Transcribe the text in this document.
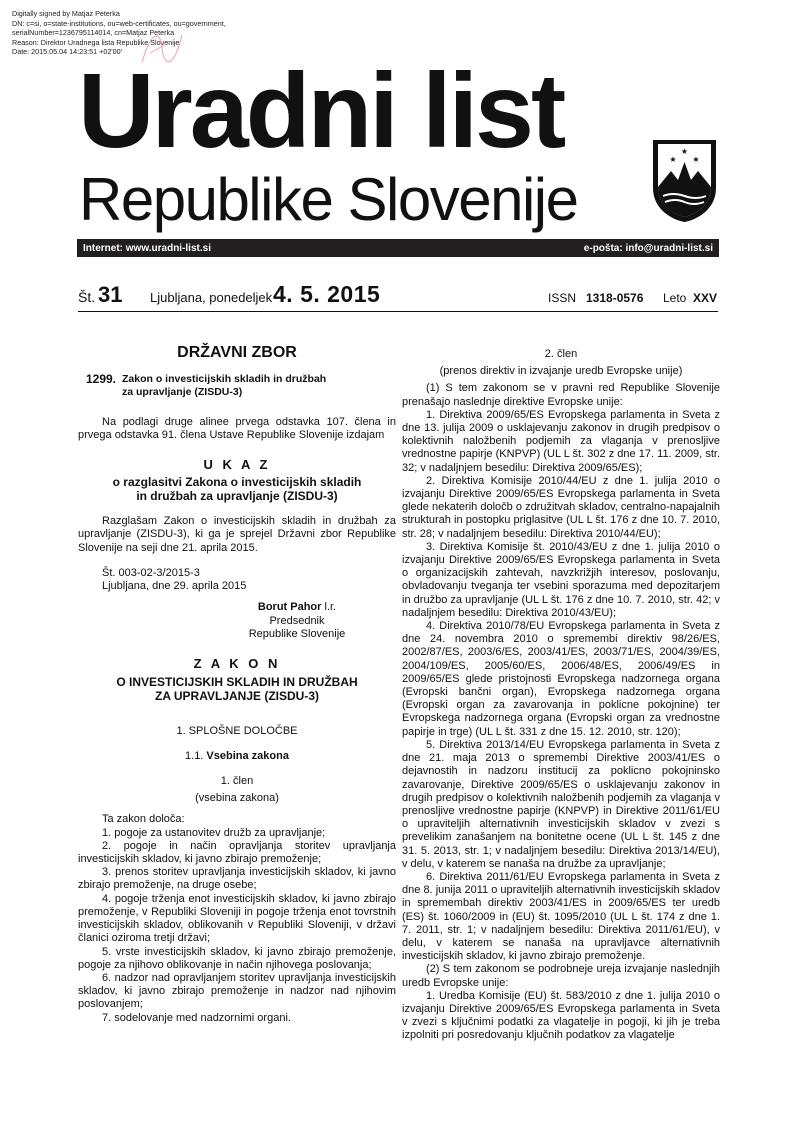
Digitally signed by Matjaz Peterka
DN: c=si, o=state-institutions, ou=web-certificates, ou=government,
serialNumber=1236795114014, cn=Matjaz Peterka
Reason: Direktor Uradnega lista Republike Slovenije
Date: 2015.05.04 14:23:51 +02'00'
Uradni list
Republike Slovenije
★
★ ★
Internet: www.uradni-list.si	e-pošta: info@uradni-list.si
Št. 31 Ljubljana, ponedeljek 4. 5. 2015	ISSN 1318-0576 Leto XXV
DRŽAVNI ZBOR
1299. Zakon o investicijskih skladih in družbah
za upravljanje (ZISDU-3)

Na podlagi druge alinee prvega odstavka 107. člena in prvega odstavka 91. člena Ustave Republike Slovenije izdajam

U K A Z
o razglasitvi Zakona o investicijskih skladih
in družbah za upravljanje (ZISDU-3)

Razglašam Zakon o investicijskih skladih in družbah za upravljanje (ZISDU-3), ki ga je sprejel Državni zbor Republike Slovenije na seji dne 21. aprila 2015.

Št. 003-02-3/2015-3

Ljubljana, dne 29. aprila 2015

Borut Pahor l.r.
Predsednik
Republike Slovenije
Z A K O N
O INVESTICIJSKIH SKLADIH IN DRUŽBAH
ZA UPRAVLJANJE (ZISDU-3)

1. SPLOŠNE DOLOČBE

1.1. Vsebina zakona

1. člen

(vsebina zakona)

Ta zakon določa:

1. pogoje za ustanovitev družb za upravljanje;

2. pogoje in način opravljanja storitev upravljanja investicijskih skladov, ki javno zbirajo premoženje;

3. prenos storitev upravljanja investicijskih skladov, ki javno zbirajo premoženje, na druge osebe;

4. pogoje trženja enot investicijskih skladov, ki javno zbirajo premoženje, v Republiki Sloveniji in pogoje trženja enot tovrstnih investicijskih skladov, oblikovanih v Republiki Sloveniji, v državi članici oziroma tretji državi;

5. vrste investicijskih skladov, ki javno zbirajo premoženje, pogoje za njihovo oblikovanje in način njihovega poslovanja;

6. nadzor nad opravljanjem storitev upravljanja investicijskih skladov, ki javno zbirajo premoženje in nadzor nad njihovim poslovanjem;

7. sodelovanje med nadzornimi organi.

2. člen

(prenos direktiv in izvajanje uredb Evropske unije)

(1) S tem zakonom se v pravni red Republike Slovenije prenašajo naslednje direktive Evropske unije:

1. Direktiva 2009/65/ES Evropskega parlamenta in Sveta z dne 13. julija 2009 o usklajevanju zakonov in drugih predpisov o kolektivnih naložbenih podjemih za vlaganja v prenosljive vrednostne papirje (KNPVP) (UL L št. 302 z dne 17. 11. 2009, str. 32; v nadaljnjem besedilu: Direktiva 2009/65/ES);

2. Direktiva Komisije 2010/44/EU z dne 1. julija 2010 o izvajanju Direktive 2009/65/ES Evropskega parlamenta in Sveta glede nekaterih določb o združitvah skladov, centralno-napajalnih strukturah in postopku priglasitve (UL L št. 176 z dne 10. 7. 2010, str. 28; v nadaljnjem besedilu: Direktiva 2010/44/EU);

3. Direktiva Komisije št. 2010/43/EU z dne 1. julija 2010 o izvajanju Direktive 2009/65/ES Evropskega parlamenta in Sveta o organizacijskih zahtevah, navzkrižjih interesov, poslovanju, obvladovanju tveganja ter vsebini sporazuma med depozitarjem in družbo za upravljanje (UL L št. 176 z dne 10. 7. 2010, str. 42; v nadaljnjem besedilu: Direktiva 2010/43/EU);

4. Direktiva 2010/78/EU Evropskega parlamenta in Sveta z dne 24. novembra 2010 o spremembi direktiv 98/26/ES, 2002/87/ES, 2003/6/ES, 2003/41/ES, 2003/71/ES, 2004/39/ES, 2004/109/ES, 2005/60/ES, 2006/48/ES, 2006/49/ES in 2009/65/ES glede pristojnosti Evropskega nadzornega organa (Evropski bančni organ), Evropskega nadzornega organa (Evropski organ za zavarovanja in poklicne pokojnine) ter Evropskega nadzornega organa (Evropski organ za vrednostne papirje in trge) (UL L št. 331 z dne 15. 12. 2010, str. 120);

5. Direktiva 2013/14/EU Evropskega parlamenta in Sveta z dne 21. maja 2013 o spremembi Direktive 2003/41/ES o dejavnostih in nadzoru institucij za poklicno pokojninsko zavarovanje, Direktive 2009/65/ES o usklajevanju zakonov in drugih predpisov o kolektivnih naložbenih podjemih za vlaganja v prenosljive vrednostne papirje (KNPVP) in Direktive 2011/61/EU o upraviteljih alternativnih investicijskih skladov v zvezi s prevelikim zanašanjem na bonitetne ocene (UL L št. 145 z dne 31. 5. 2013, str. 1; v nadaljnjem besedilu: Direktiva 2013/14/EU), v delu, v katerem se nanaša na družbe za upravljanje;

6. Direktiva 2011/61/EU Evropskega parlamenta in Sveta z dne 8. junija 2011 o upraviteljih alternativnih investicijskih skladov in spremembah direktiv 2003/41/ES in 2009/65/ES ter uredb (ES) št. 1060/2009 in (EU) št. 1095/2010 (UL L št. 174 z dne 1. 7. 2011, str. 1; v nadaljnjem besedilu: Direktiva 2011/61/EU), v delu, v katerem se nanaša na upravljavce alternativnih investicijskih skladov, ki javno zbirajo premoženje.

(2) S tem zakonom se podrobneje ureja izvajanje naslednjih uredb Evropske unije:

1. Uredba Komisije (EU) št. 583/2010 z dne 1. julija 2010 o izvajanju Direktive 2009/65/ES Evropskega parlamenta in Sveta v zvezi s ključnimi podatki za vlagatelje in pogoji, ki jih je treba izpolniti pri posredovanju ključnih podatkov za vlagatelje
